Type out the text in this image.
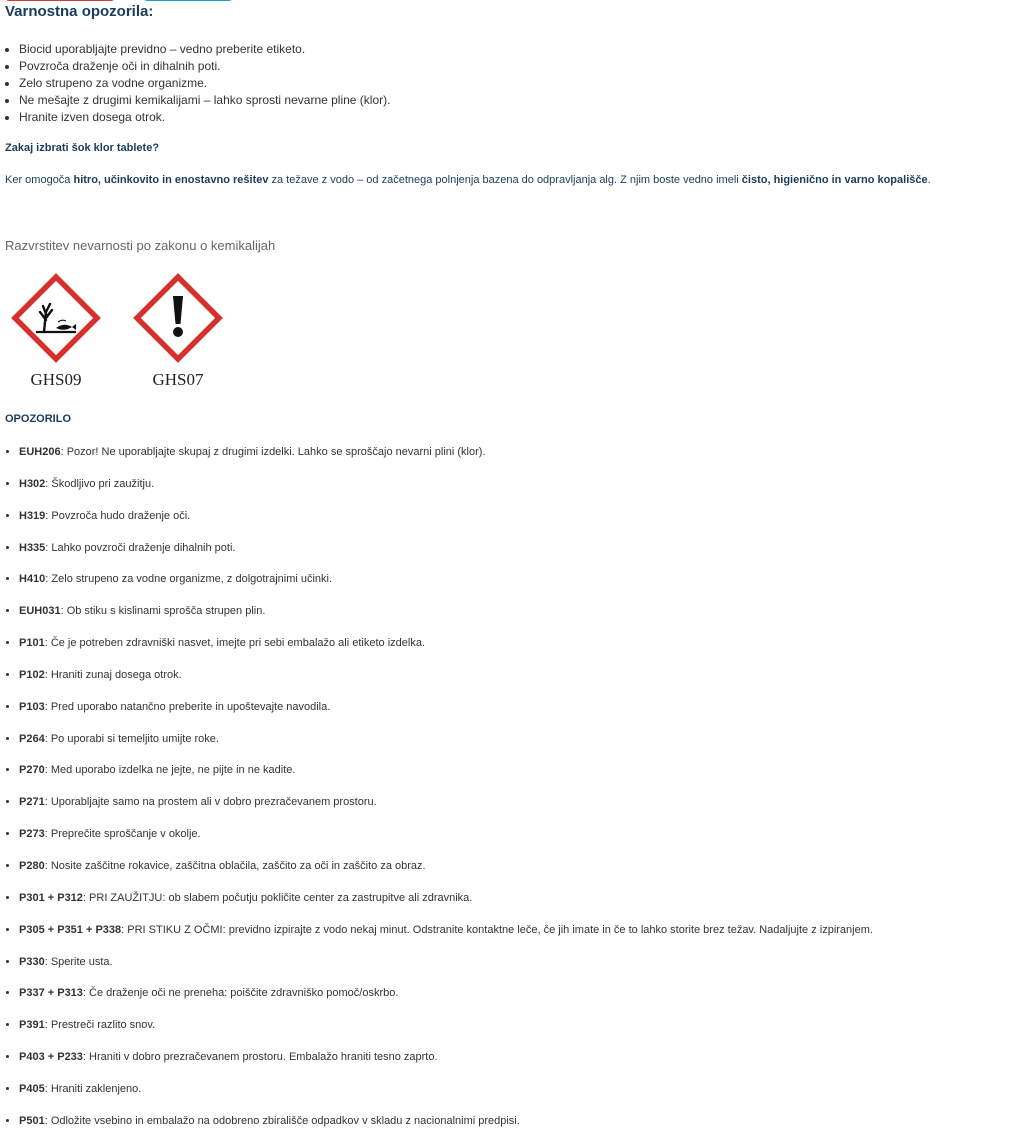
Varnostna opozorila:
• Biocid uporabljajte previdno – vedno preberite etiketo.
• Povzroča draženje oči in dihalnih poti.
• Zelo strupeno za vodne organizme.
• Ne mešajte z drugimi kemikalijami – lahko sprosti nevarne pline (klor).
• Hranite izven dosega otrok.

Zakaj izbrati šok klor tablete?

Ker omogoča hitro, učinkovito in enostavno rešitev za težave z vodo – od začetnega polnjenja bazena do odpravljanja alg. Z njim boste vedno imeli čisto, higienično in varno kopališče.

Razvrstitev nevarnosti po zakonu o kemikalijah
GHS09	GHS07

OPOZORILO

• EUH206: Pozor! Ne uporabljajte skupaj z drugimi izdelki. Lahko se sproščajo nevarni plini (klor).
• H302: Škodljivo pri zaužitju.
• H319: Povzroča hudo draženje oči.
• H335: Lahko povzroči draženje dihalnih poti.
• H410: Zelo strupeno za vodne organizme, z dolgotrajnimi učinki.
• EUH031: Ob stiku s kislinami sprošča strupen plin.
• P101: Če je potreben zdravniški nasvet, imejte pri sebi embalažo ali etiketo izdelka.
• P102: Hraniti zunaj dosega otrok.
• P103: Pred uporabo natančno preberite in upoštevajte navodila.
• P264: Po uporabi si temeljito umijte roke.
• P270: Med uporabo izdelka ne jejte, ne pijte in ne kadite.
• P271: Uporabljajte samo na prostem ali v dobro prezračevanem prostoru.
• P273: Preprečite sproščanje v okolje.
• P280: Nosite zaščitne rokavice, zaščitna oblačila, zaščito za oči in zaščito za obraz.
• P301 + P312: PRI ZAUŽITJU: ob slabem počutju pokličite center za zastrupitve ali zdravnika.
• P305 + P351 + P338: PRI STIKU Z OČMI: previdno izpirajte z vodo nekaj minut. Odstranite kontaktne leče, če jih imate in če to lahko storite brez težav. Nadaljujte z izpiranjem.
• P330: Sperite usta.
• P337 + P313: Če draženje oči ne preneha: poiščite zdravniško pomoč/oskrbo.
• P391: Prestreči razlito snov.
• P403 + P233: Hraniti v dobro prezračevanem prostoru. Embalažo hraniti tesno zaprto.
• P405: Hraniti zaklenjeno.
• P501: Odložite vsebino in embalažo na odobreno zbirališče odpadkov v skladu z nacionalnimi predpisi.
